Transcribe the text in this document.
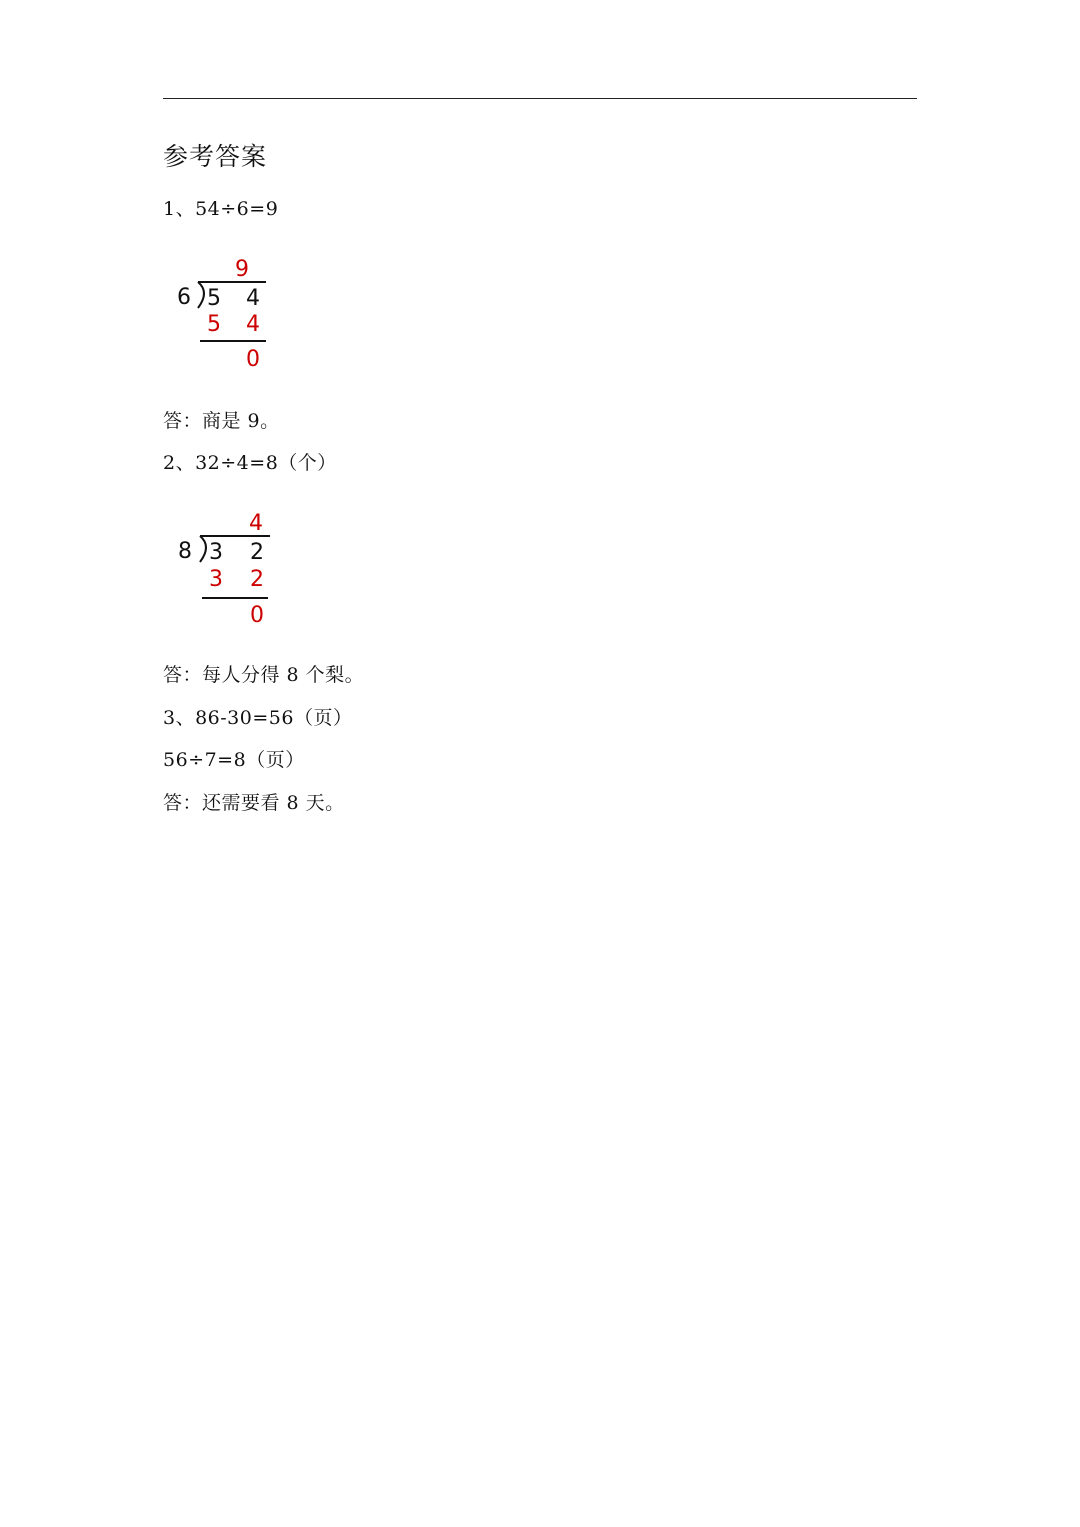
参考答案
1、54÷6=9
9
6 5 4
5 4
0
答：商是 9。
2、32÷4=8（个）
4
8 3 2
3 2
0
答：每人分得 8 个梨。
3、86-30=56（页）
56÷7=8（页）
答：还需要看 8 天。
